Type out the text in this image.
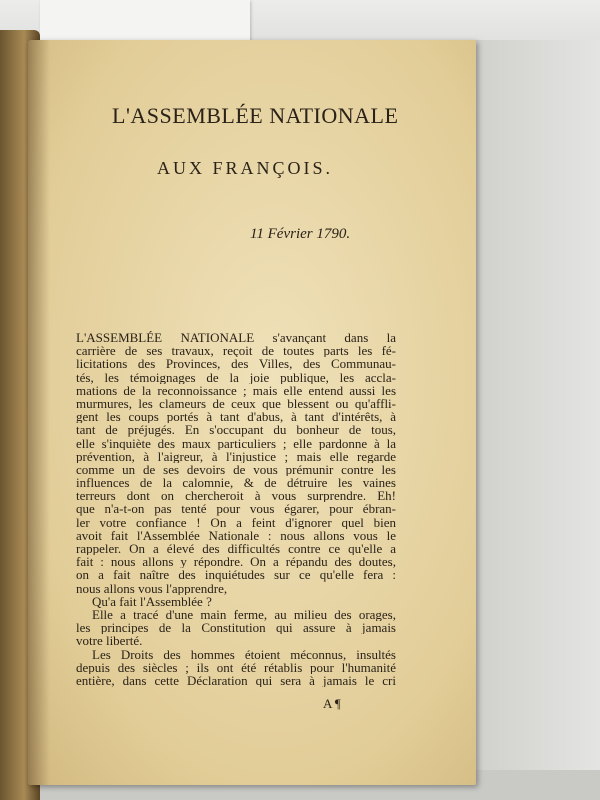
L'ASSEMBLÉE NATIONALE
AUX FRANÇOIS.
11 Février 1790.
L'ASSEMBLÉE NATIONALE s'avançant dans la
carrière de ses travaux, reçoit de toutes parts les fé-
licitations des Provinces, des Villes, des Communau-
tés, les témoignages de la joie publique, les accla-
mations de la reconnoissance ; mais elle entend aussi les
murmures, les clameurs de ceux que blessent ou qu'affli-
gent les coups portés à tant d'abus, à tant d'intérêts, à
tant de préjugés. En s'occupant du bonheur de tous,
elle s'inquiète des maux particuliers ; elle pardonne à la
prévention, à l'aigreur, à l'injustice ; mais elle regarde
comme un de ses devoirs de vous prémunir contre les
influences de la calomnie, & de détruire les vaines
terreurs dont on chercheroit à vous surprendre. Eh!
que n'a-t-on pas tenté pour vous égarer, pour ébran-
ler votre confiance ! On a feint d'ignorer quel bien
avoit fait l'Assemblée Nationale : nous allons vous le
rappeler. On a élevé des difficultés contre ce qu'elle a
fait : nous allons y répondre. On a répandu des doutes,
on a fait naître des inquiétudes sur ce qu'elle fera :
nous allons vous l'apprendre,
Qu'a fait l'Assemblée ?
Elle a tracé d'une main ferme, au milieu des orages,
les principes de la Constitution qui assure à jamais
votre liberté.
Les Droits des hommes étoient méconnus, insultés
depuis des siècles ; ils ont été rétablis pour l'humanité
entière, dans cette Déclaration qui sera à jamais le cri
A ¶
